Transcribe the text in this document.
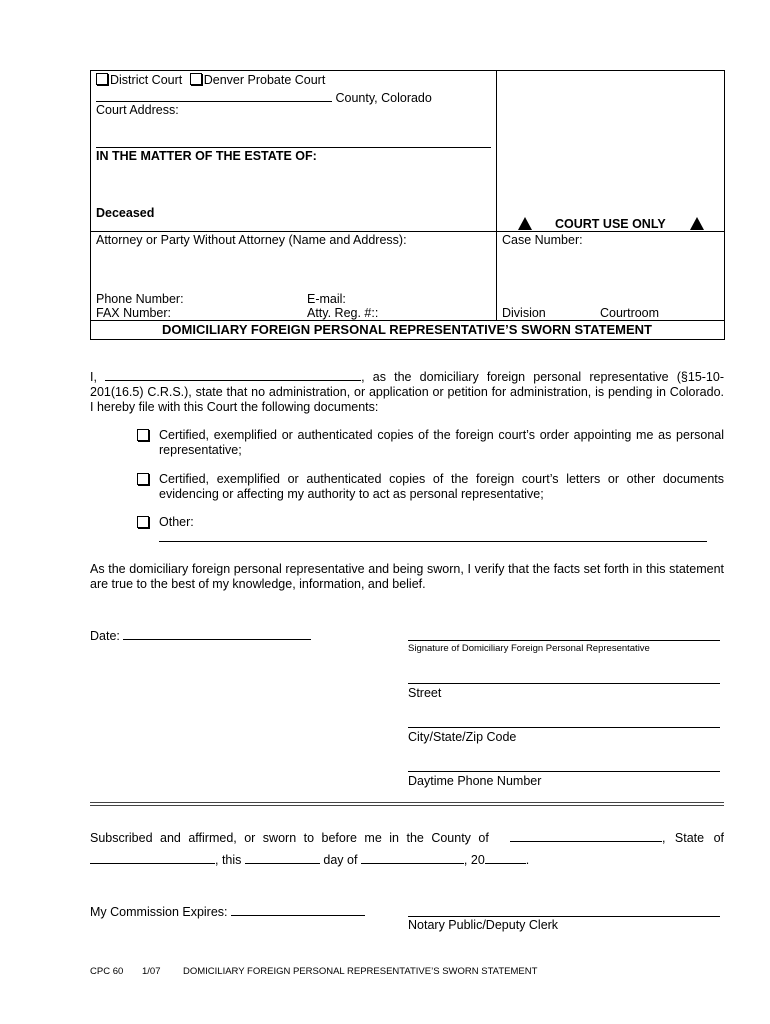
District Court Denver Probate Court
County, Colorado
Court Address:
IN THE MATTER OF THE ESTATE OF:
Deceased
COURT USE ONLY
Attorney or Party Without Attorney (Name and Address):	Case Number:
Phone Number:	E-mail:
FAX Number:	Atty. Reg. #::	Division	Courtroom
DOMICILIARY FOREIGN PERSONAL REPRESENTATIVE’S SWORN STATEMENT
I,	, as the domiciliary foreign personal representative (§15-10-201(16.5) C.R.S.), state that no administration, or application or petition for administration, is pending in Colorado. I hereby file with this Court the following documents:
Certified, exemplified or authenticated copies of the foreign court’s order appointing me as personal representative;
Certified, exemplified or authenticated copies of the foreign court’s letters or other documents evidencing or affecting my authority to act as personal representative;
Other:
As the domiciliary foreign personal representative and being sworn, I verify that the facts set forth in this statement are true to the best of my knowledge, information, and belief.
Date:
Signature of Domiciliary Foreign Personal Representative
Street
City/State/Zip Code
Daytime Phone Number
Subscribed and affirmed, or sworn to before me in the County of	, State of
, this	day of	, 20	.
My Commission Expires:
Notary Public/Deputy Clerk
CPC 60 1/07 DOMICILIARY FOREIGN PERSONAL REPRESENTATIVE’S SWORN STATEMENT
